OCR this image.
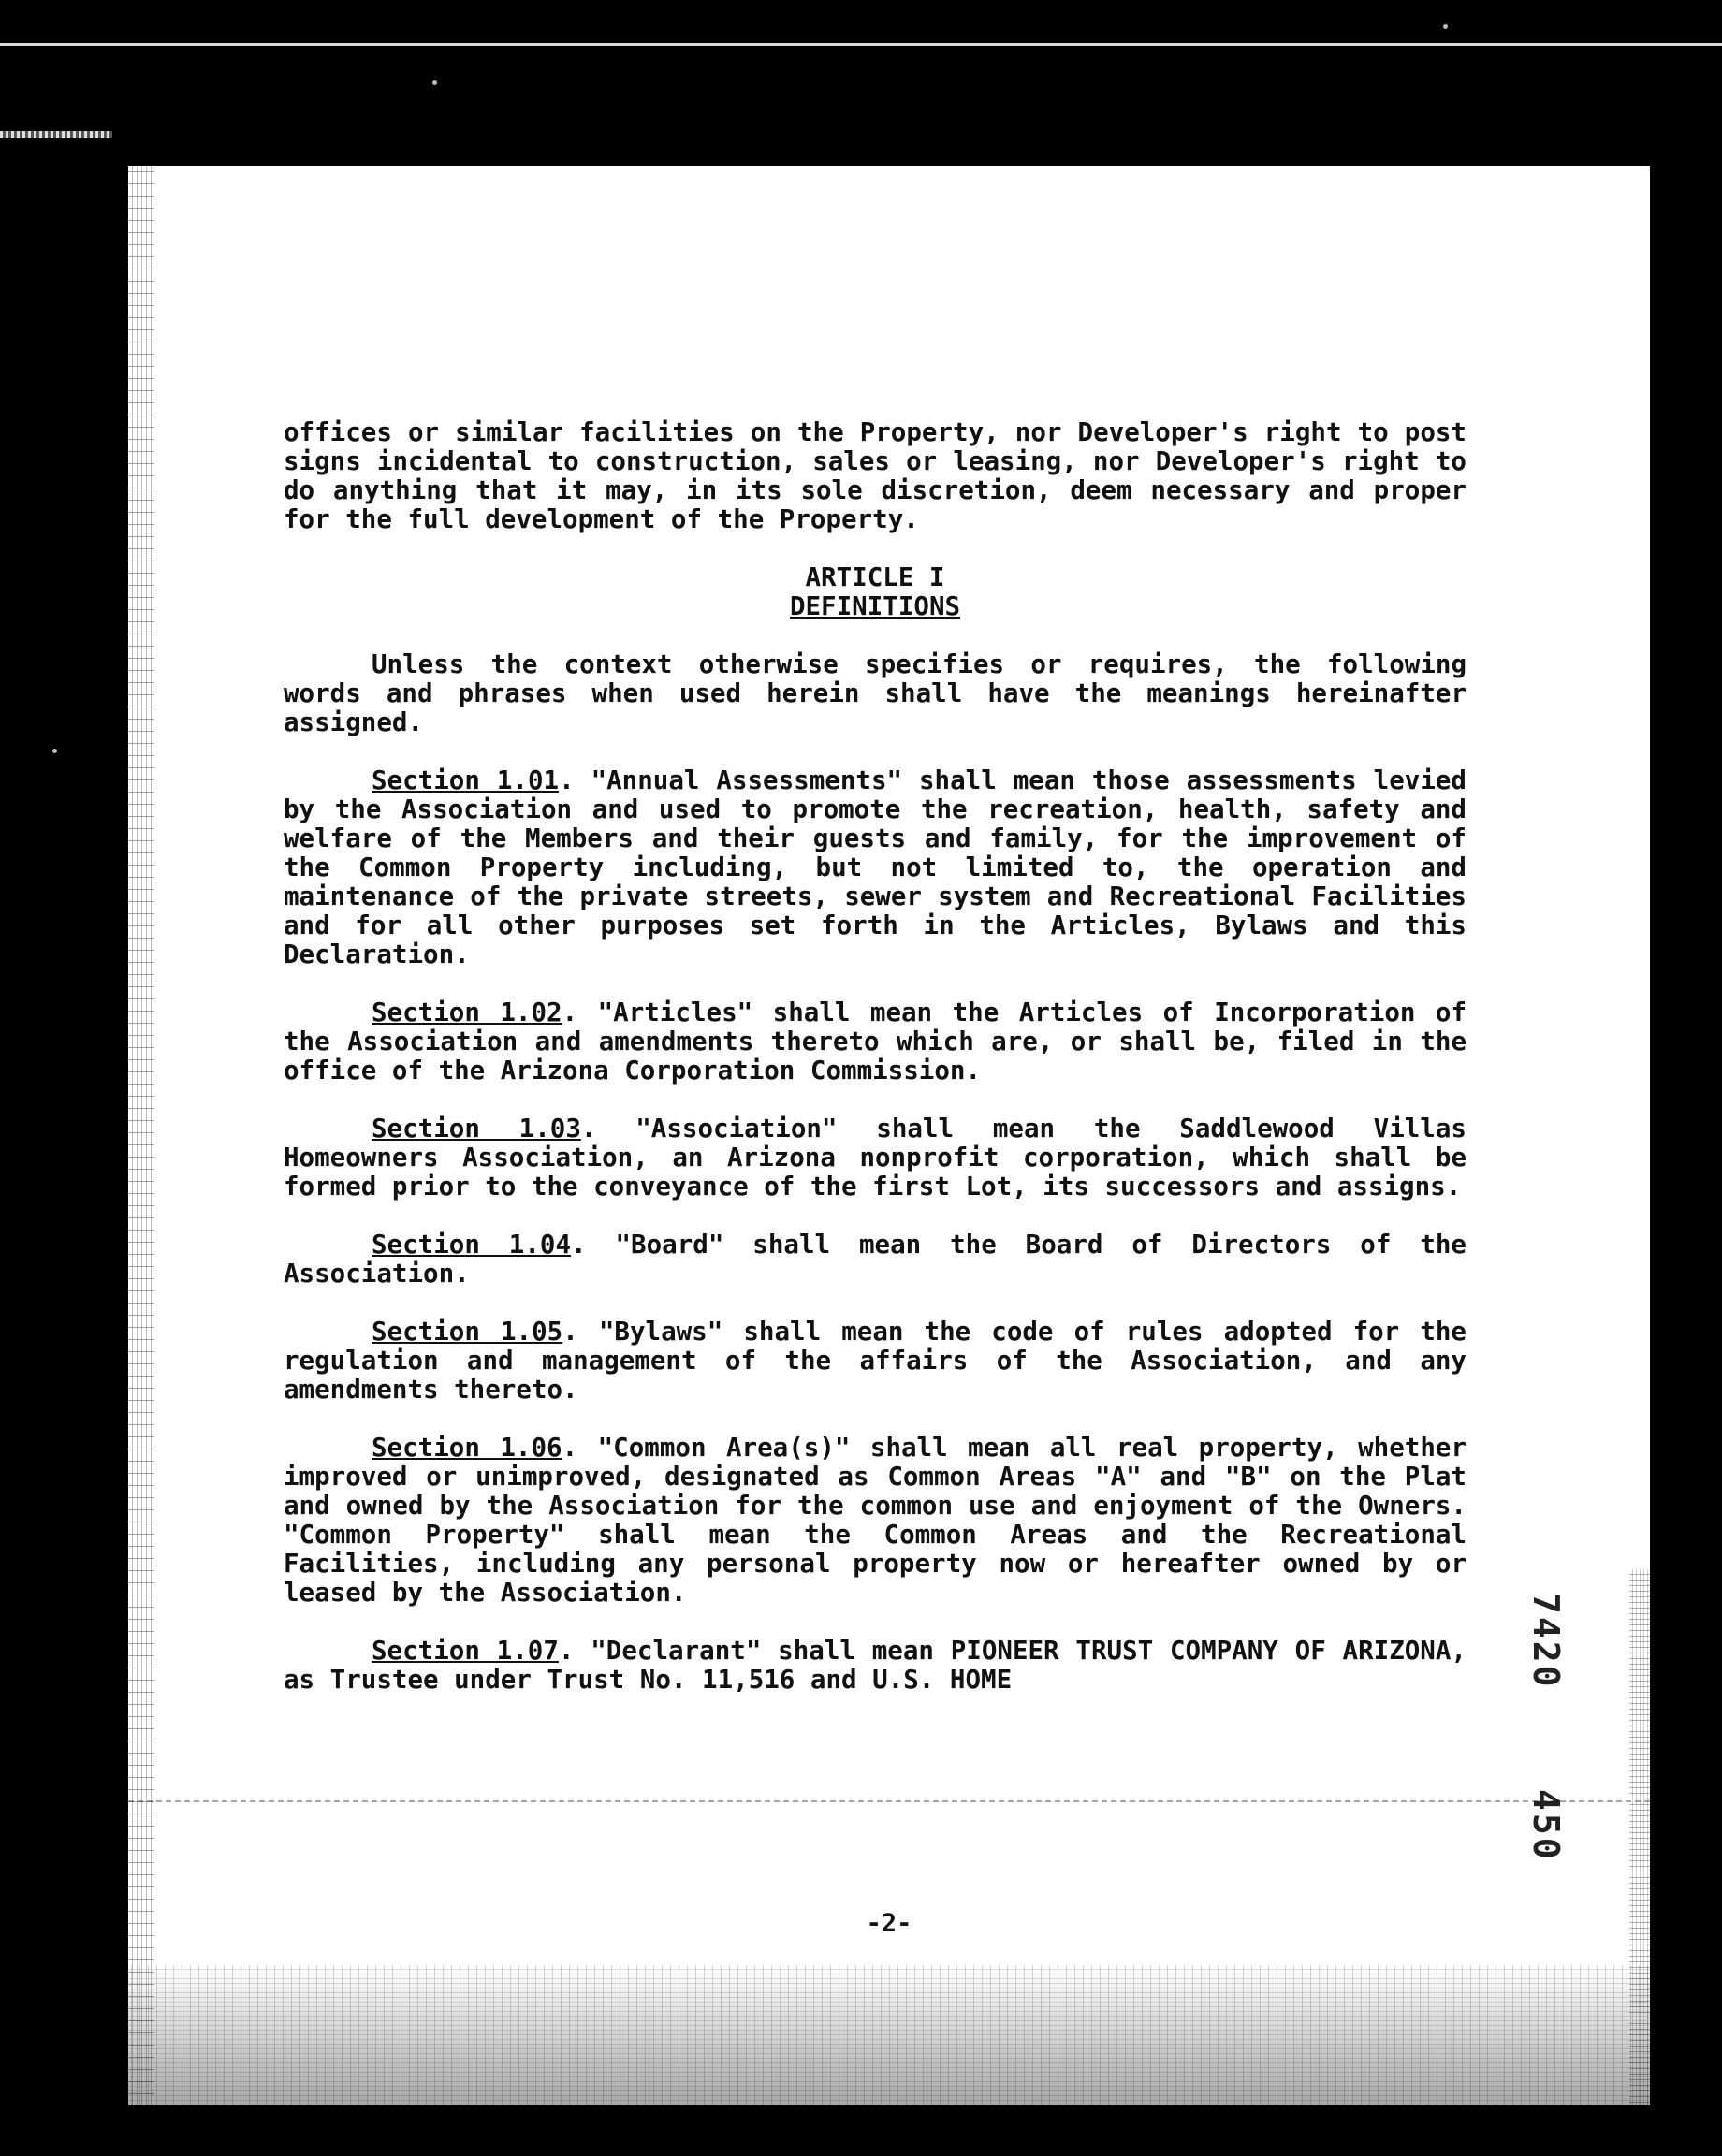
offices or similar facilities on the Property, nor Developer's right to post signs incidental to construction, sales or leasing, nor Developer's right to do anything that it may, in its sole discretion, deem necessary and proper for the full development of the Property.

ARTICLE I
DEFINITIONS

Unless the context otherwise specifies or requires, the following words and phrases when used herein shall have the meanings hereinafter assigned.

Section 1.01. "Annual Assessments" shall mean those assessments levied by the Association and used to promote the recreation, health, safety and welfare of the Members and their guests and family, for the improvement of the Common Property including, but not limited to, the operation and maintenance of the private streets, sewer system and Recreational Facilities and for all other purposes set forth in the Articles, Bylaws and this Declaration.

Section 1.02. "Articles" shall mean the Articles of Incorporation of the Association and amendments thereto which are, or shall be, filed in the office of the Arizona Corporation Commission.

Section 1.03. "Association" shall mean the Saddlewood Villas Homeowners Association, an Arizona nonprofit corporation, which shall be formed prior to the conveyance of the first Lot, its successors and assigns.

Section 1.04. "Board" shall mean the Board of Directors of the Association.

Section 1.05. "Bylaws" shall mean the code of rules adopted for the regulation and management of the affairs of the Association, and any amendments thereto.

Section 1.06. "Common Area(s)" shall mean all real property, whether improved or unimproved, designated as Common Areas "A" and "B" on the Plat and owned by the Association for the common use and enjoyment of the Owners. "Common Property" shall mean the Common Areas and the Recreational Facilities, including any personal property now or hereafter owned by or leased by the Association.

Section 1.07. "Declarant" shall mean PIONEER TRUST COMPANY OF ARIZONA, as Trustee under Trust No. 11,516 and U.S. HOME

-2-
7420
450
